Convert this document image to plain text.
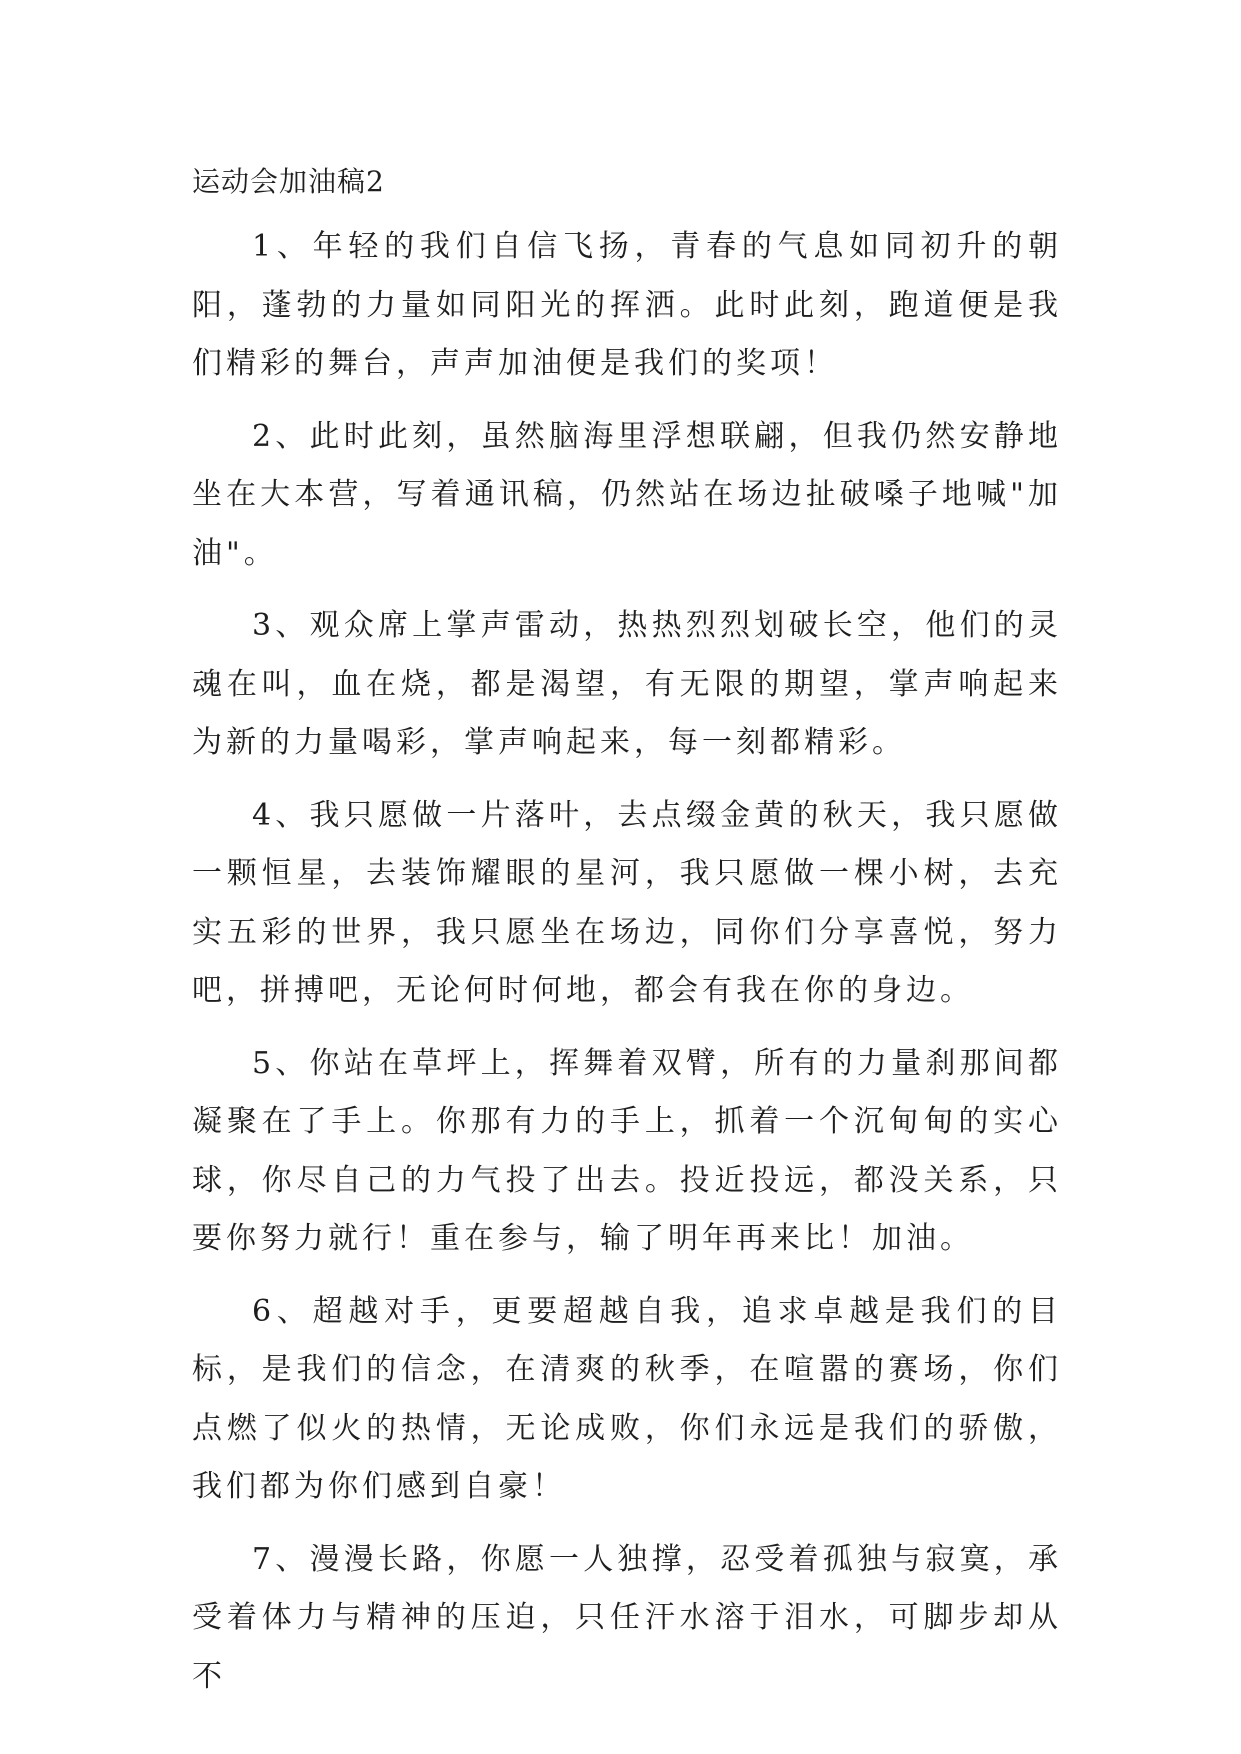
运动会加油稿2

1、年轻的我们自信飞扬，青春的气息如同初升的朝阳，蓬勃的力量如同阳光的挥洒。此时此刻，跑道便是我们精彩的舞台，声声加油便是我们的奖项！

2、此时此刻，虽然脑海里浮想联翩，但我仍然安静地坐在大本营，写着通讯稿，仍然站在场边扯破嗓子地喊"加油"。

3、观众席上掌声雷动，热热烈烈划破长空，他们的灵魂在叫，血在烧，都是渴望，有无限的期望，掌声响起来为新的力量喝彩，掌声响起来，每一刻都精彩。

4、我只愿做一片落叶，去点缀金黄的秋天，我只愿做一颗恒星，去装饰耀眼的星河，我只愿做一棵小树，去充实五彩的世界，我只愿坐在场边，同你们分享喜悦，努力吧，拼搏吧，无论何时何地，都会有我在你的身边。

5、你站在草坪上，挥舞着双臂，所有的力量刹那间都凝聚在了手上。你那有力的手上，抓着一个沉甸甸的实心球，你尽自己的力气投了出去。投近投远，都没关系，只要你努力就行！重在参与，输了明年再来比！加油。

6、超越对手，更要超越自我，追求卓越是我们的目标，是我们的信念，在清爽的秋季，在喧嚣的赛场，你们点燃了似火的热情，无论成败，你们永远是我们的骄傲，我们都为你们感到自豪！

7、漫漫长路，你愿一人独撑，忍受着孤独与寂寞，承受着体力与精神的压迫，只任汗水溶于泪水，可脚步却从不
